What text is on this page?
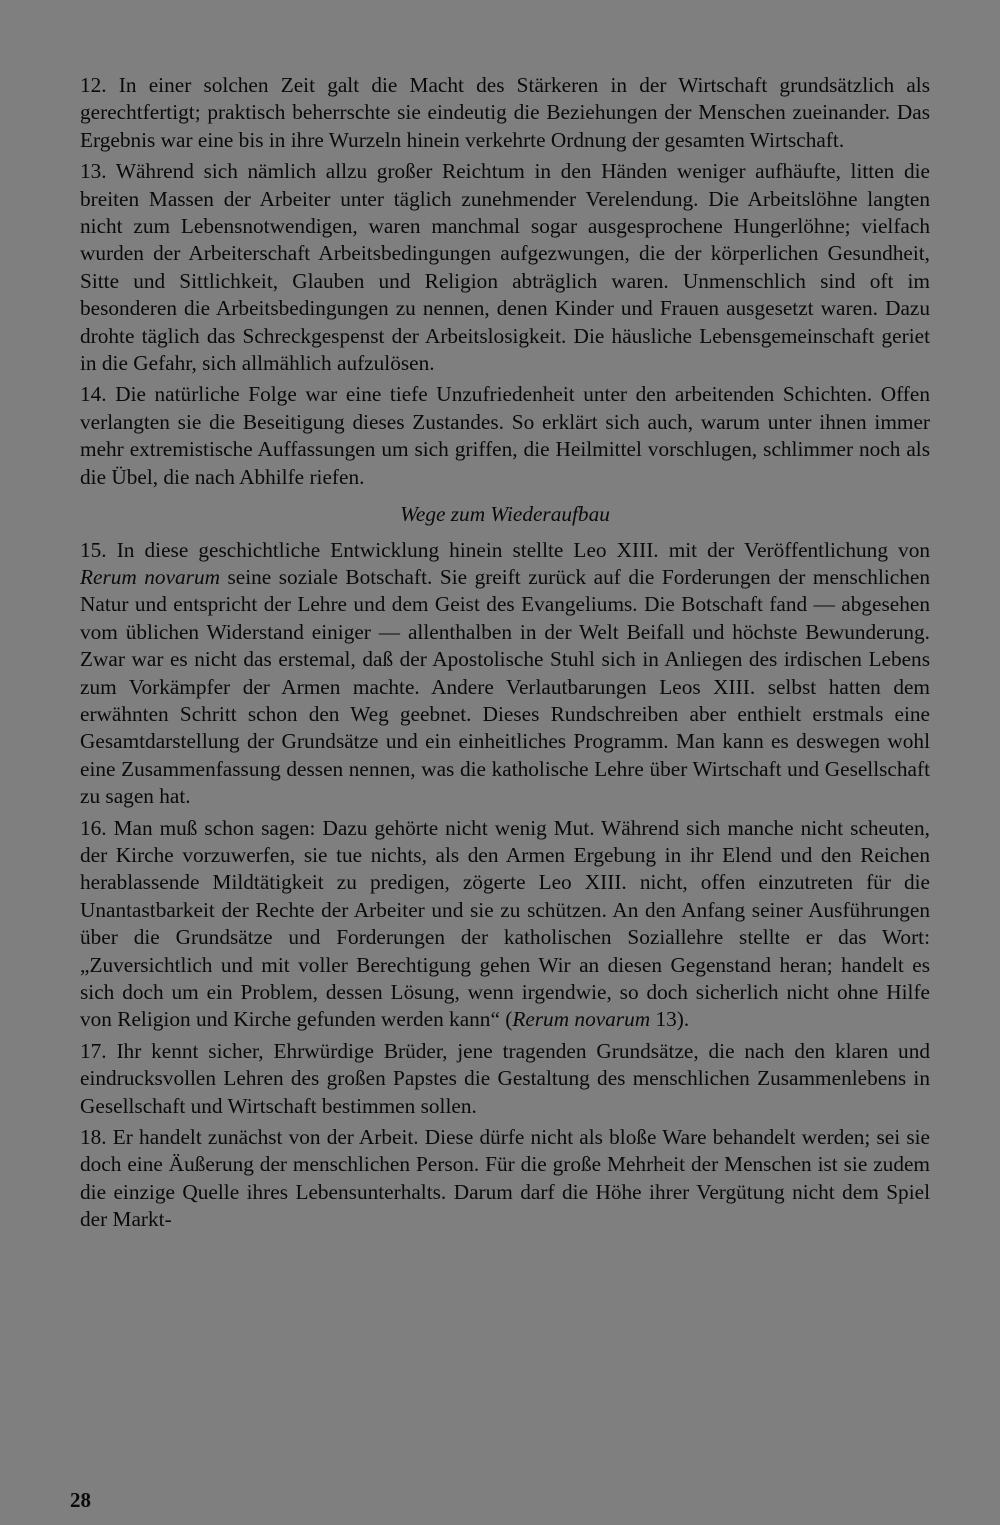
12. In einer solchen Zeit galt die Macht des Stärkeren in der Wirtschaft grundsätzlich als gerechtfertigt; praktisch beherrschte sie eindeutig die Beziehungen der Menschen zueinander. Das Ergebnis war eine bis in ihre Wurzeln hinein verkehrte Ordnung der gesamten Wirtschaft.

13. Während sich nämlich allzu großer Reichtum in den Händen weniger aufhäufte, litten die breiten Massen der Arbeiter unter täglich zunehmender Verelendung. Die Arbeitslöhne langten nicht zum Lebensnotwendigen, waren manchmal sogar ausgesprochene Hungerlöhne; vielfach wurden der Arbeiterschaft Arbeitsbedingungen aufgezwungen, die der körperlichen Gesundheit, Sitte und Sittlichkeit, Glauben und Religion abträglich waren. Unmenschlich sind oft im besonderen die Arbeitsbedingungen zu nennen, denen Kinder und Frauen ausgesetzt waren. Dazu drohte täglich das Schreckgespenst der Arbeitslosigkeit. Die häusliche Lebensgemeinschaft geriet in die Gefahr, sich allmählich aufzulösen.

14. Die natürliche Folge war eine tiefe Unzufriedenheit unter den arbeitenden Schichten. Offen verlangten sie die Beseitigung dieses Zustandes. So erklärt sich auch, warum unter ihnen immer mehr extremistische Auffassungen um sich griffen, die Heilmittel vorschlugen, schlimmer noch als die Übel, die nach Abhilfe riefen.

Wege zum Wiederaufbau

15. In diese geschichtliche Entwicklung hinein stellte Leo XIII. mit der Veröffentlichung von Rerum novarum seine soziale Botschaft. Sie greift zurück auf die Forderungen der menschlichen Natur und entspricht der Lehre und dem Geist des Evangeliums. Die Botschaft fand — abgesehen vom üblichen Widerstand einiger — allenthalben in der Welt Beifall und höchste Bewunderung. Zwar war es nicht das erstemal, daß der Apostolische Stuhl sich in Anliegen des irdischen Lebens zum Vorkämpfer der Armen machte. Andere Verlautbarungen Leos XIII. selbst hatten dem erwähnten Schritt schon den Weg geebnet. Dieses Rundschreiben aber enthielt erstmals eine Gesamtdarstellung der Grundsätze und ein einheitliches Programm. Man kann es deswegen wohl eine Zusammenfassung dessen nennen, was die katholische Lehre über Wirtschaft und Gesellschaft zu sagen hat.

16. Man muß schon sagen: Dazu gehörte nicht wenig Mut. Während sich manche nicht scheuten, der Kirche vorzuwerfen, sie tue nichts, als den Armen Ergebung in ihr Elend und den Reichen herablassende Mildtätigkeit zu predigen, zögerte Leo XIII. nicht, offen einzutreten für die Unantastbarkeit der Rechte der Arbeiter und sie zu schützen. An den Anfang seiner Ausführungen über die Grundsätze und Forderungen der katholischen Soziallehre stellte er das Wort: „Zuversichtlich und mit voller Berechtigung gehen Wir an diesen Gegenstand heran; handelt es sich doch um ein Problem, dessen Lösung, wenn irgendwie, so doch sicherlich nicht ohne Hilfe von Religion und Kirche gefunden werden kann“ (Rerum novarum 13).

17. Ihr kennt sicher, Ehrwürdige Brüder, jene tragenden Grundsätze, die nach den klaren und eindrucksvollen Lehren des großen Papstes die Gestaltung des menschlichen Zusammenlebens in Gesellschaft und Wirtschaft bestimmen sollen.

18. Er handelt zunächst von der Arbeit. Diese dürfe nicht als bloße Ware behandelt werden; sei sie doch eine Äußerung der menschlichen Person. Für die große Mehrheit der Menschen ist sie zudem die einzige Quelle ihres Lebensunterhalts. Darum darf die Höhe ihrer Vergütung nicht dem Spiel der Markt-

28
